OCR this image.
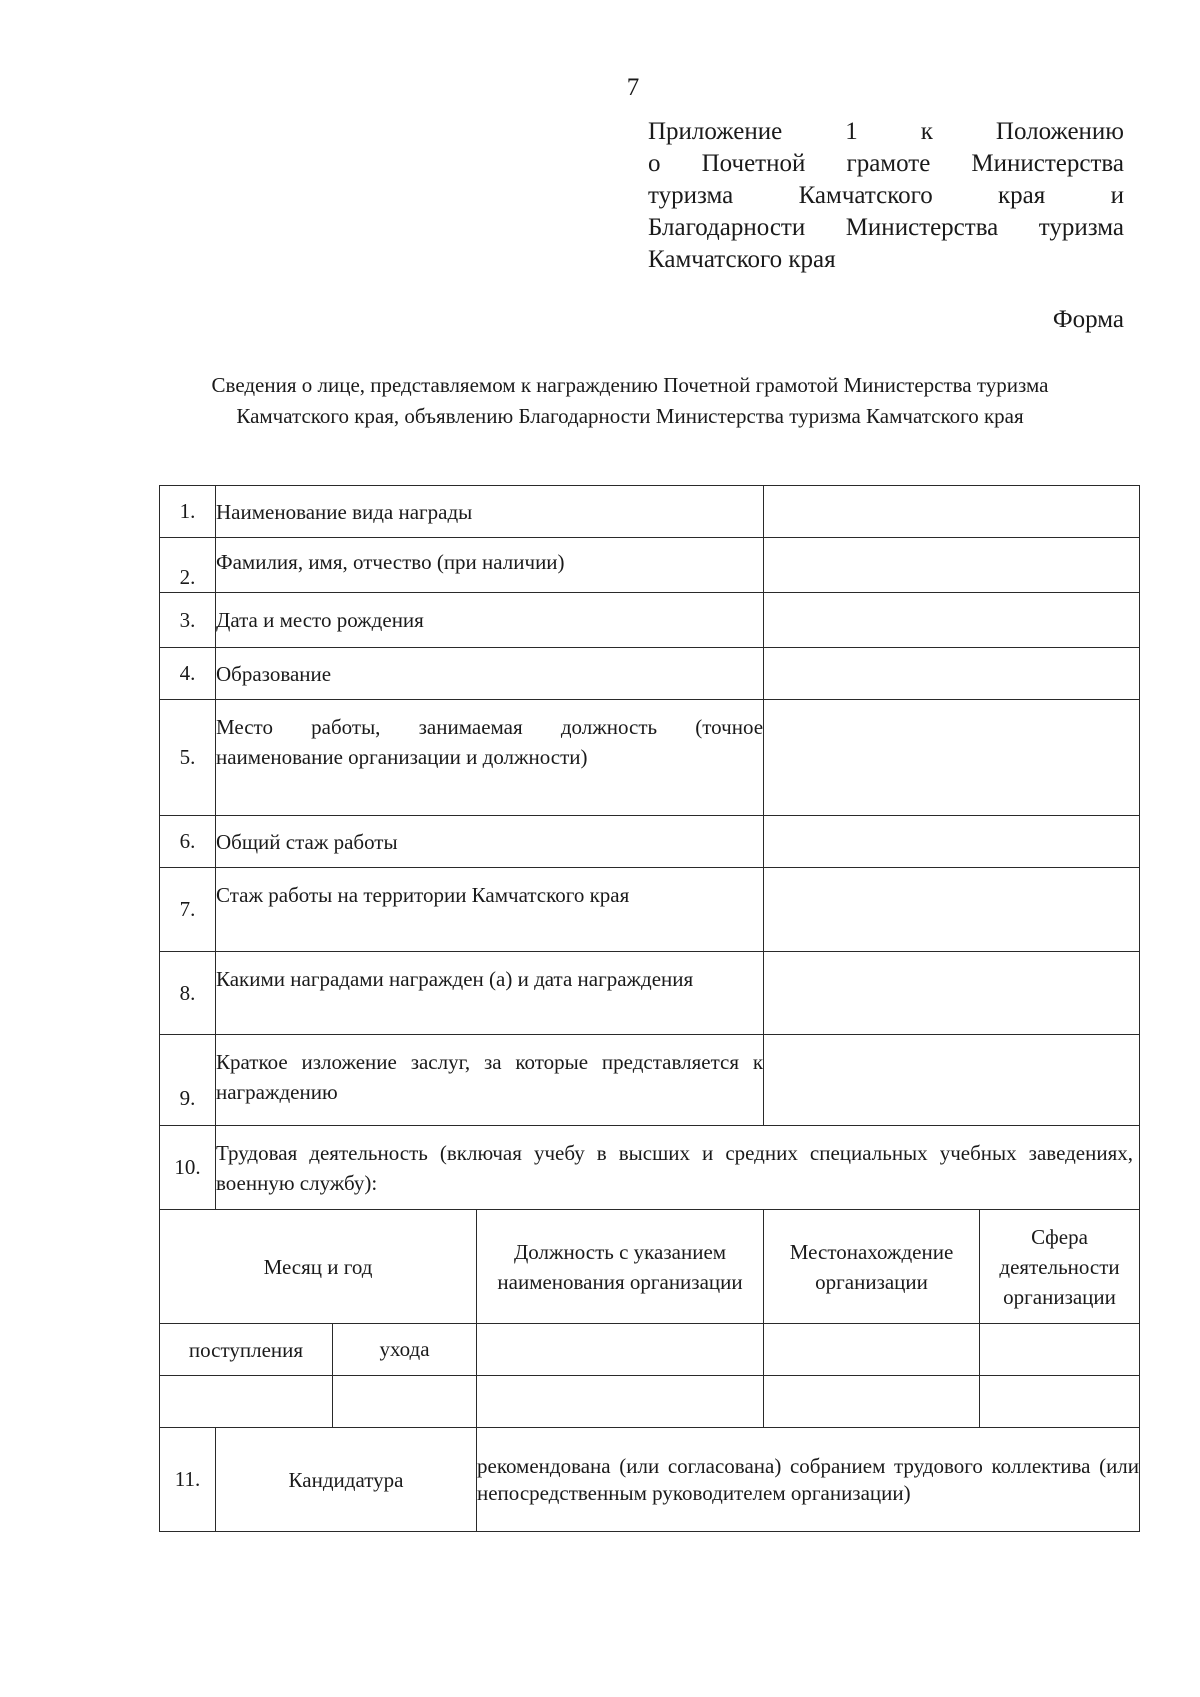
7
Приложение 1 к Положению
о Почетной грамоте Министерства
туризма Камчатского края и
Благодарности Министерства туризма
Камчатского края
Форма
Сведения о лице, представляемом к награждению Почетной грамотой Министерства туризма
Камчатского края, объявлению Благодарности Министерства туризма Камчатского края
1.	Наименование вида награды				
2.	Фамилия, имя, отчество (при наличии)				
3.	Дата и место рождения				
4.	Образование				
5.	Место работы, занимаемая должность (точное наименование организации и должности)				
6.	Общий стаж работы				
7.	Стаж работы на территории Камчатского края				
8.	Какими наградами награжден (а) и дата награждения				
9.	Краткое изложение заслуг, за которые представляется к награждению				
10.	Трудовая деятельность (включая учебу в высших и средних специальных учебных заведениях, военную службу):				
Месяц и год			Должность с указанием наименования организации	Местонахождение организации	Сфера деятельности организации
поступления		ухода			

11.	Кандидатура		рекомендована (или согласована) собранием трудового коллектива (или непосредственным руководителем организации)		
